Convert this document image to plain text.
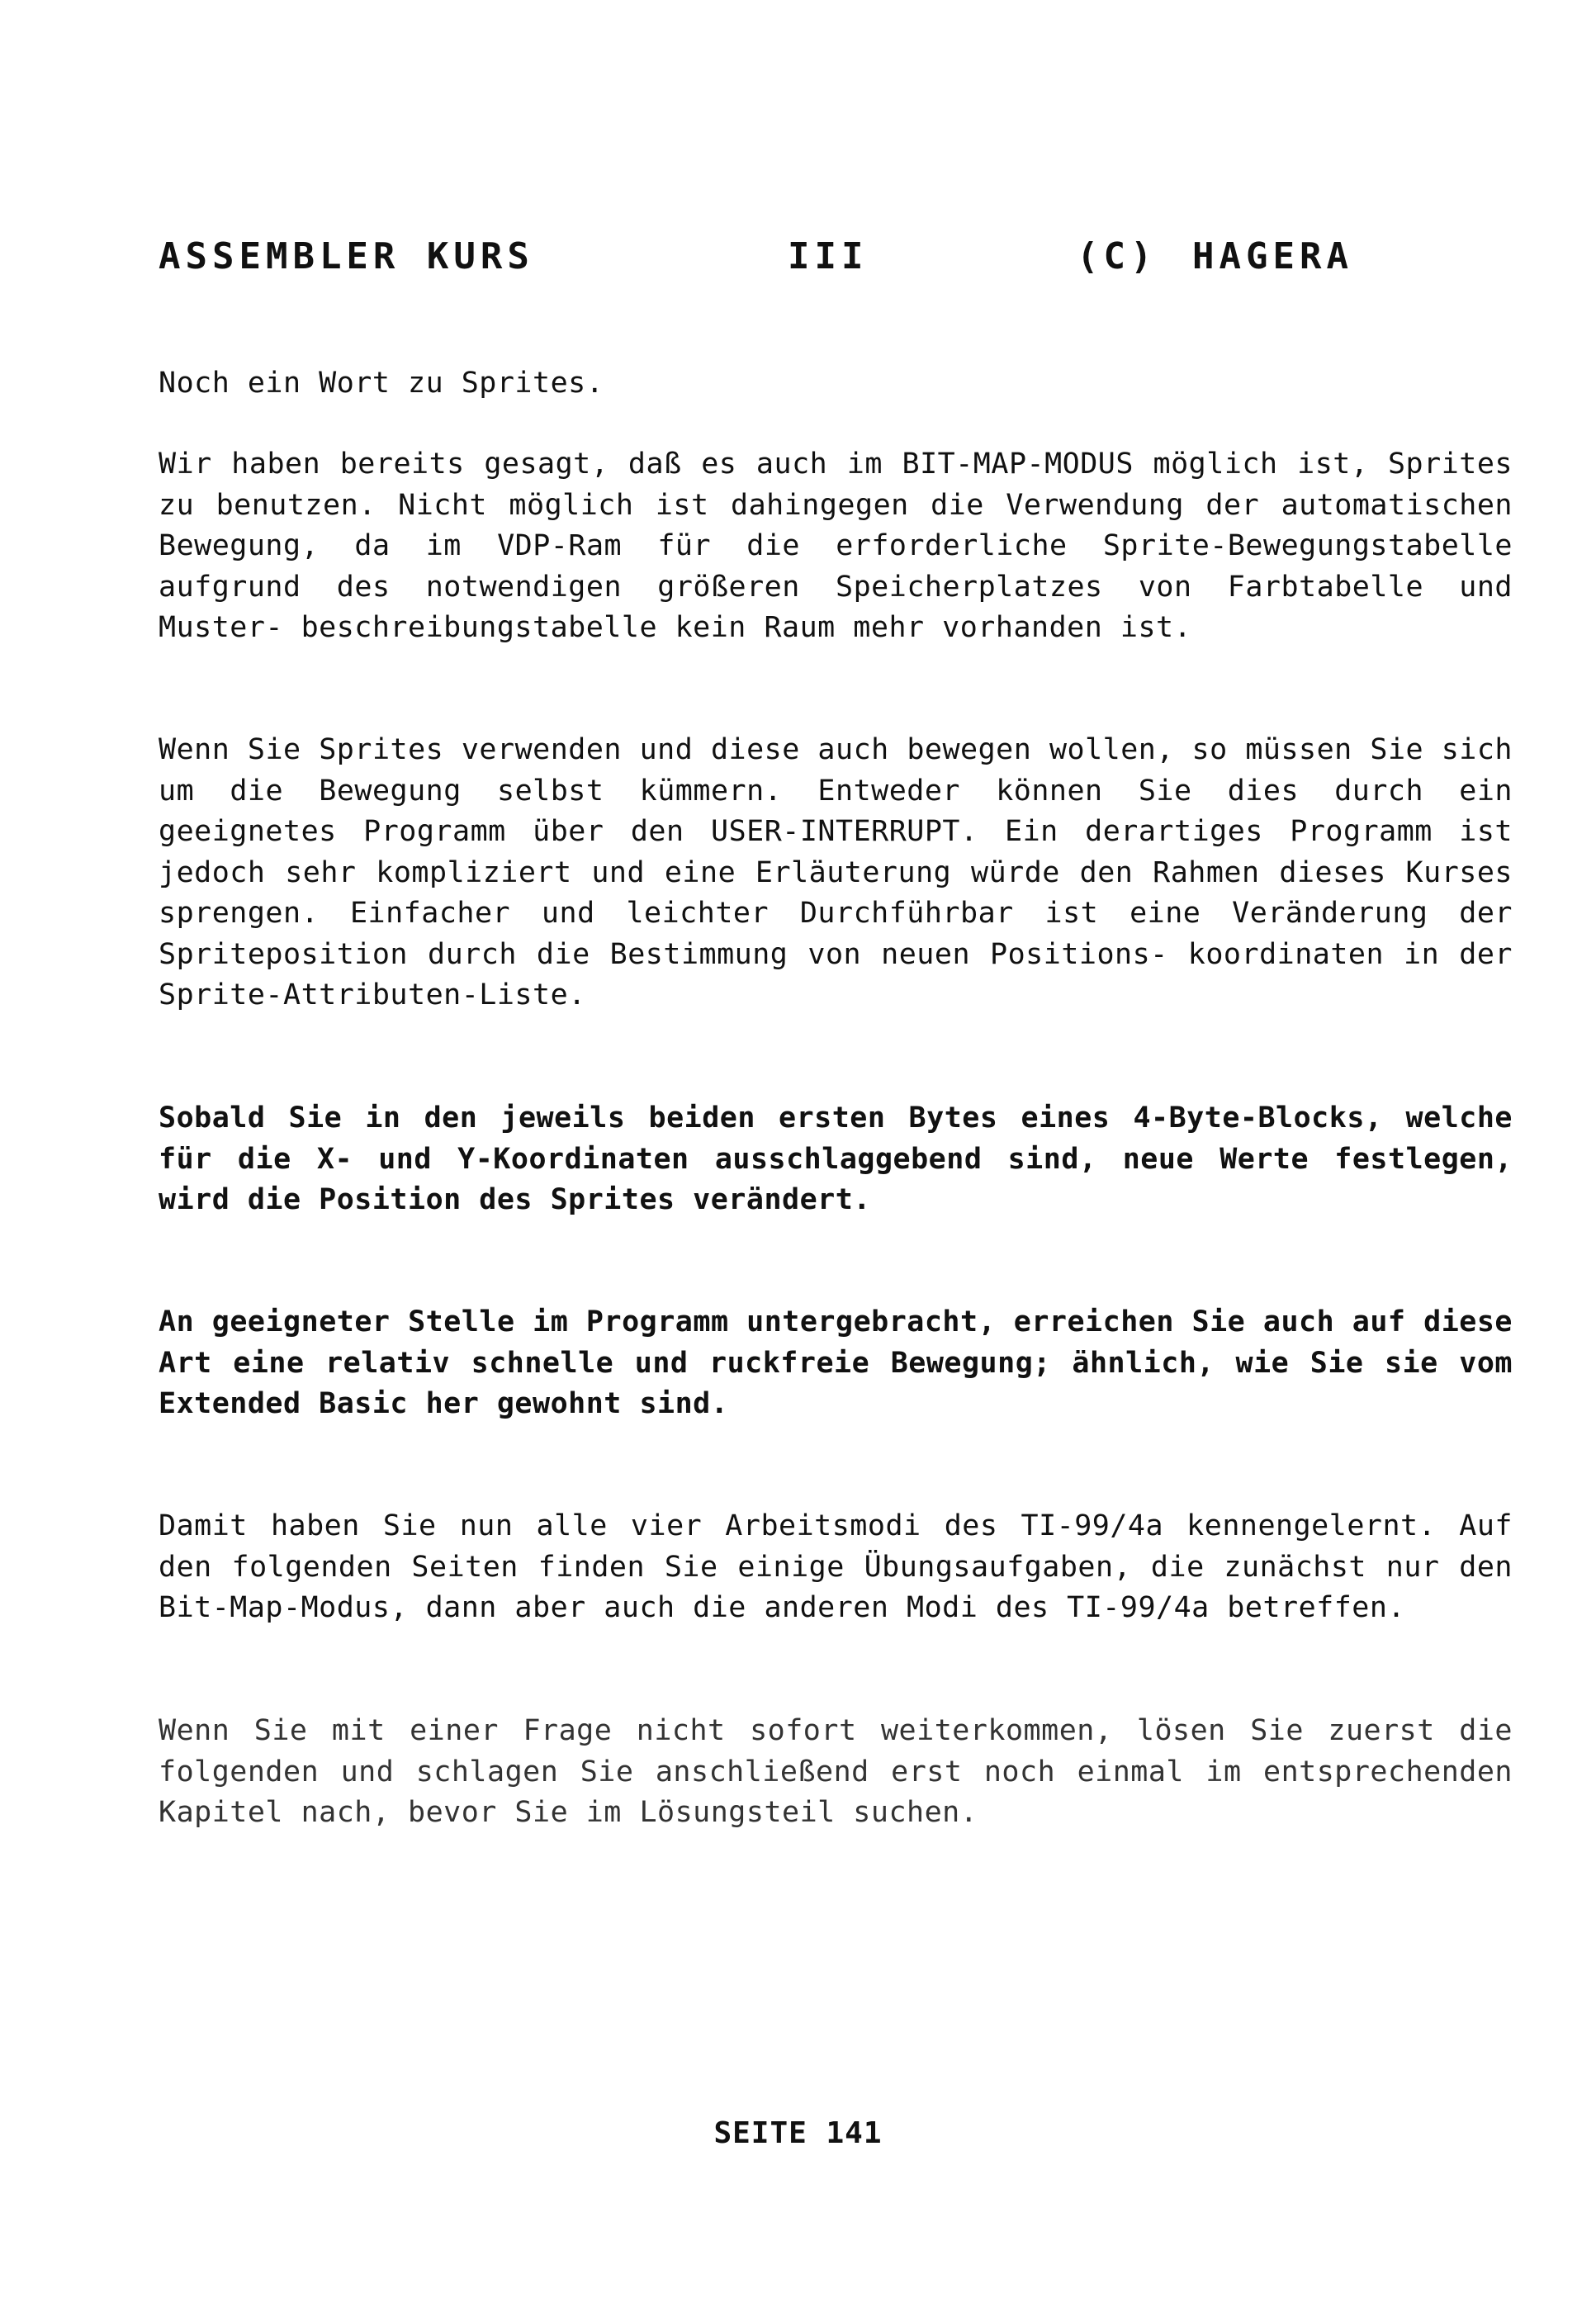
ASSEMBLER KURS	III	(C) HAGERA

Noch ein Wort zu Sprites.

Wir haben bereits gesagt, daß es auch im BIT-MAP-MODUS möglich ist, Sprites zu benutzen. Nicht möglich ist dahingegen die Verwendung der automatischen Bewegung, da im VDP-Ram für die erforderliche Sprite-Bewegungstabelle aufgrund des notwendigen größeren Speicherplatzes von Farbtabelle und Muster- beschreibungstabelle kein Raum mehr vorhanden ist.

Wenn Sie Sprites verwenden und diese auch bewegen wollen, so müssen Sie sich um die Bewegung selbst kümmern. Entweder können Sie dies durch ein geeignetes Programm über den USER-INTERRUPT. Ein derartiges Programm ist jedoch sehr kompliziert und eine Erläuterung würde den Rahmen dieses Kurses sprengen. Einfacher und leichter Durchführbar ist eine Veränderung der Spriteposition durch die Bestimmung von neuen Positions- koordinaten in der Sprite-Attributen-Liste.

Sobald Sie in den jeweils beiden ersten Bytes eines 4-Byte-Blocks, welche für die X- und Y-Koordinaten ausschlaggebend sind, neue Werte festlegen, wird die Position des Sprites verändert.

An geeigneter Stelle im Programm untergebracht, erreichen Sie auch auf diese Art eine relativ schnelle und ruckfreie Bewegung; ähnlich, wie Sie sie vom Extended Basic her gewohnt sind.

Damit haben Sie nun alle vier Arbeitsmodi des TI-99/4a kennengelernt. Auf den folgenden Seiten finden Sie einige Übungsaufgaben, die zunächst nur den Bit-Map-Modus, dann aber auch die anderen Modi des TI-99/4a betreffen.

Wenn Sie mit einer Frage nicht sofort weiterkommen, lösen Sie zuerst die folgenden und schlagen Sie anschließend erst noch einmal im entsprechenden Kapitel nach, bevor Sie im Lösungsteil suchen.

SEITE 141
